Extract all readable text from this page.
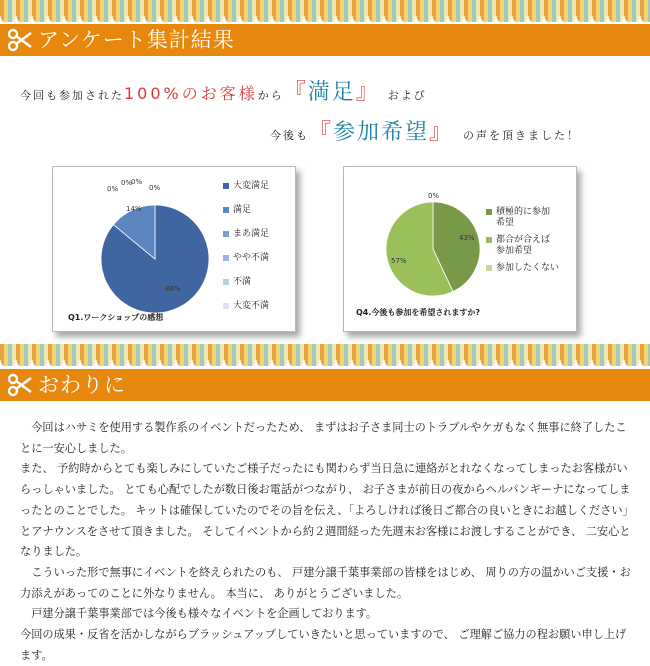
アンケート集計結果
今回も参加された100%のお客様から『満足』 および
今後も『参加希望』 の声を頂きました！
86%
14%
0%
0%
0%
0%	大変満足
満足
まあ満足
やや不満
不満
大変不満
Q1.ワークショップの感想
43%
57%
0%
積極的に参加
希望
都合が合えば
参加希望
参加したくない
Q4.今後も参加を希望されますか?
おわりに

　今回はハサミを使用する製作系のイベントだったため、 まずはお子さま同士のトラブルやケガもなく無事に終了したことに一安心しました。

また、 予約時からとても楽しみにしていたご様子だったにも関わらず当日急に連絡がとれなくなってしまったお客様がいらっしゃいました。 とても心配でしたが数日後お電話がつながり、 お子さまが前日の夜からヘルパンギーナになってしまったとのことでした。 キットは確保していたのでその旨を伝え、「よろしければ後日ご都合の良いときにお越しください」とアナウンスをさせて頂きました。 そしてイベントから約２週間経った先週末お客様にお渡しすることができ、 二安心となりました。

　こういった形で無事にイベントを終えられたのも、 戸建分譲千葉事業部の皆様をはじめ、 周りの方の温かいご支援・お力添えがあってのことに外なりません。 本当に、 ありがとうございました。

　戸建分譲千葉事業部では今後も様々なイベントを企画しております。

今回の成果・反省を活かしながらブラッシュアップしていきたいと思っていますので、 ご理解ご協力の程お願い申し上げます。
